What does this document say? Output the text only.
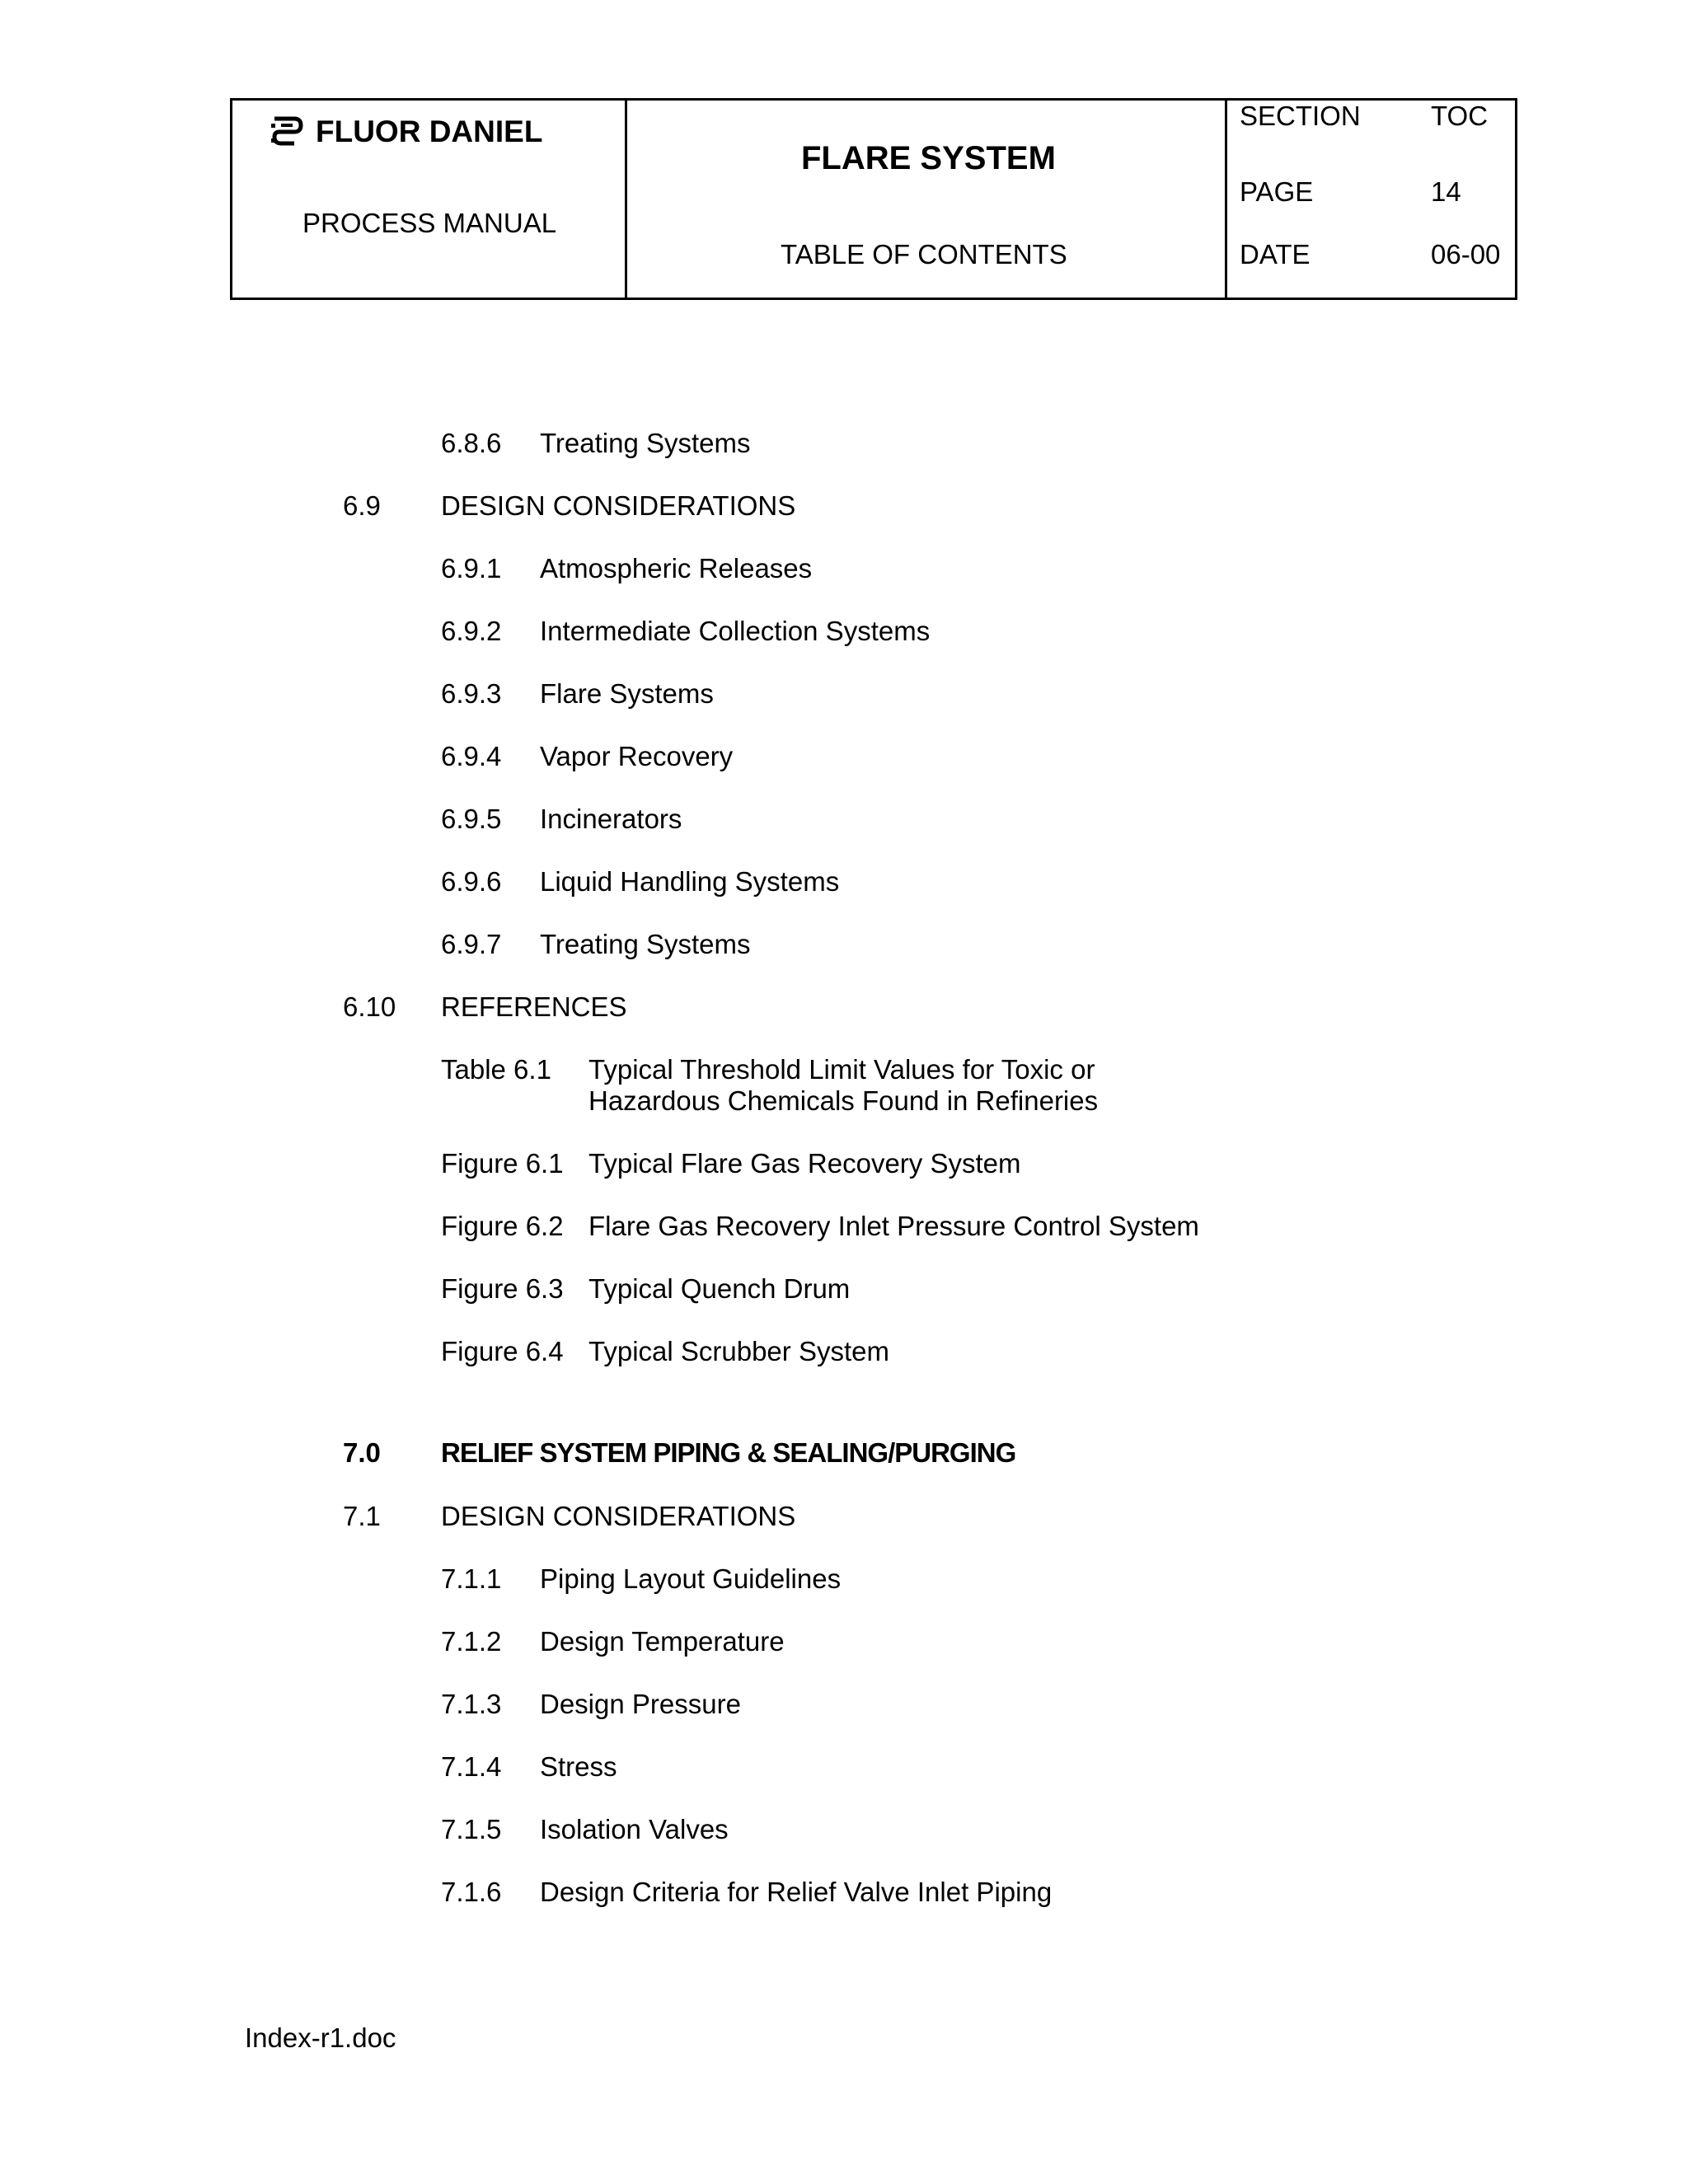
FLUOR DANIEL
PROCESS MANUAL
FLARE SYSTEM
TABLE OF CONTENTS
SECTION	TOC
PAGE	14
DATE	06-00
6.8.6 Treating Systems
6.9 DESIGN CONSIDERATIONS
6.9.1 Atmospheric Releases
6.9.2 Intermediate Collection Systems
6.9.3 Flare Systems
6.9.4 Vapor Recovery
6.9.5 Incinerators
6.9.6 Liquid Handling Systems
6.9.7 Treating Systems
6.10 REFERENCES
Table 6.1 Typical Threshold Limit Values for Toxic or
Hazardous Chemicals Found in Refineries
Figure 6.1 Typical Flare Gas Recovery System
Figure 6.2 Flare Gas Recovery Inlet Pressure Control System
Figure 6.3 Typical Quench Drum
Figure 6.4 Typical Scrubber System
7.0 RELIEF SYSTEM PIPING & SEALING/PURGING
7.1 DESIGN CONSIDERATIONS
7.1.1 Piping Layout Guidelines
7.1.2 Design Temperature
7.1.3 Design Pressure
7.1.4 Stress
7.1.5 Isolation Valves
7.1.6 Design Criteria for Relief Valve Inlet Piping
Index-r1.doc
